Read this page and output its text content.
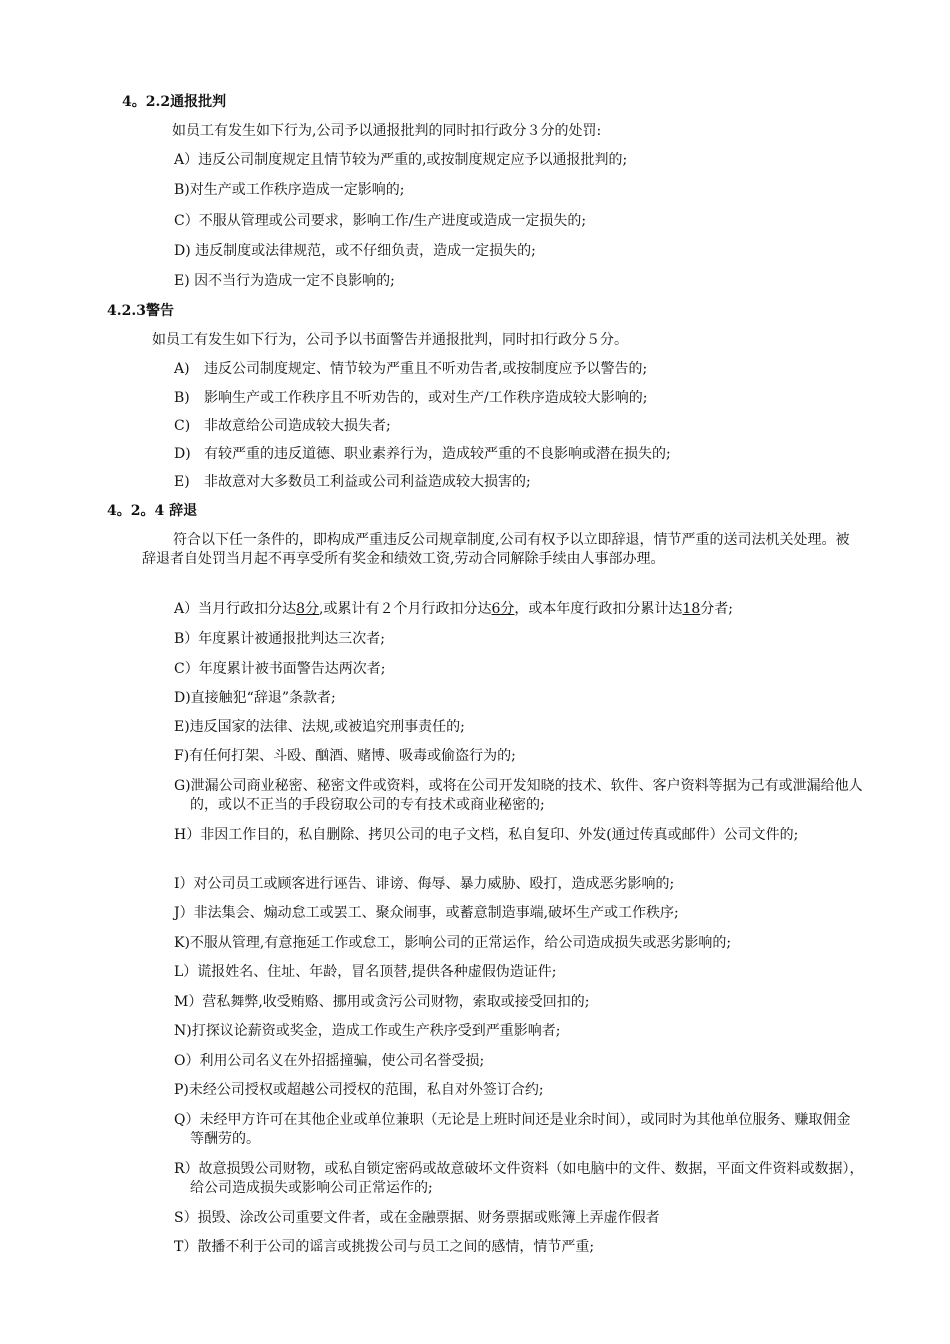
4。2.2通报批判
如员工有发生如下行为,公司予以通报批判的同时扣行政分３分的处罚:
A）违反公司制度规定且情节较为严重的,或按制度规定应予以通报批判的;
B)对生产或工作秩序造成一定影响的;
C）不服从管理或公司要求，影响工作/生产进度或造成一定损失的;
D) 违反制度或法律规范，或不仔细负责，造成一定损失的;
E) 因不当行为造成一定不良影响的;
4.2.3警告
如员工有发生如下行为，公司予以书面警告并通报批判，同时扣行政分５分。
A) 违反公司制度规定、情节较为严重且不听劝告者,或按制度应予以警告的;
B) 影响生产或工作秩序且不听劝告的，或对生产/工作秩序造成较大影响的;
C) 非故意给公司造成较大损失者;
D) 有较严重的违反道德、职业素养行为，造成较严重的不良影响或潜在损失的;
E) 非故意对大多数员工利益或公司利益造成较大损害的;
4。2。4 辞退
符合以下任一条件的，即构成严重违反公司规章制度,公司有权予以立即辞退，情节严重的送司法机关处理。被辞退者自处罚当月起不再享受所有奖金和绩效工资,劳动合同解除手续由人事部办理。
A）当月行政扣分达8分,或累计有２个月行政扣分达6分，或本年度行政扣分累计达18分者;
B）年度累计被通报批判达三次者;
C）年度累计被书面警告达两次者;
D)直接触犯“辞退”条款者;
E)违反国家的法律、法规,或被追究刑事责任的;
F)有任何打架、斗殴、酗酒、赌博、吸毒或偷盗行为的;
G)泄漏公司商业秘密、秘密文件或资料，或将在公司开发知晓的技术、软件、客户资料等据为己有或泄漏给他人的，或以不正当的手段窃取公司的专有技术或商业秘密的;
H）非因工作目的，私自删除、拷贝公司的电子文档，私自复印、外发(通过传真或邮件）公司文件的;
I）对公司员工或顾客进行诬告、诽谤、侮辱、暴力威胁、殴打，造成恶劣影响的;
J）非法集会、煽动怠工或罢工、聚众闹事，或蓄意制造事端,破坏生产或工作秩序;
K)不服从管理,有意拖延工作或怠工，影响公司的正常运作，给公司造成损失或恶劣影响的;
L）谎报姓名、住址、年龄，冒名顶替,提供各种虚假伪造证件;
M）营私舞弊,收受贿赂、挪用或贪污公司财物，索取或接受回扣的;
N)打探议论薪资或奖金，造成工作或生产秩序受到严重影响者;
O）利用公司名义在外招摇撞骗，使公司名誉受损;
P)未经公司授权或超越公司授权的范围，私自对外签订合约;
Q）未经甲方许可在其他企业或单位兼职（无论是上班时间还是业余时间），或同时为其他单位服务、赚取佣金等酬劳的。
R）故意损毁公司财物，或私自锁定密码或故意破坏文件资料（如电脑中的文件、数据，平面文件资料或数据），给公司造成损失或影响公司正常运作的;
S）损毁、涂改公司重要文件者，或在金融票据、财务票据或账簿上弄虚作假者
T）散播不利于公司的谣言或挑拨公司与员工之间的感情，情节严重;
